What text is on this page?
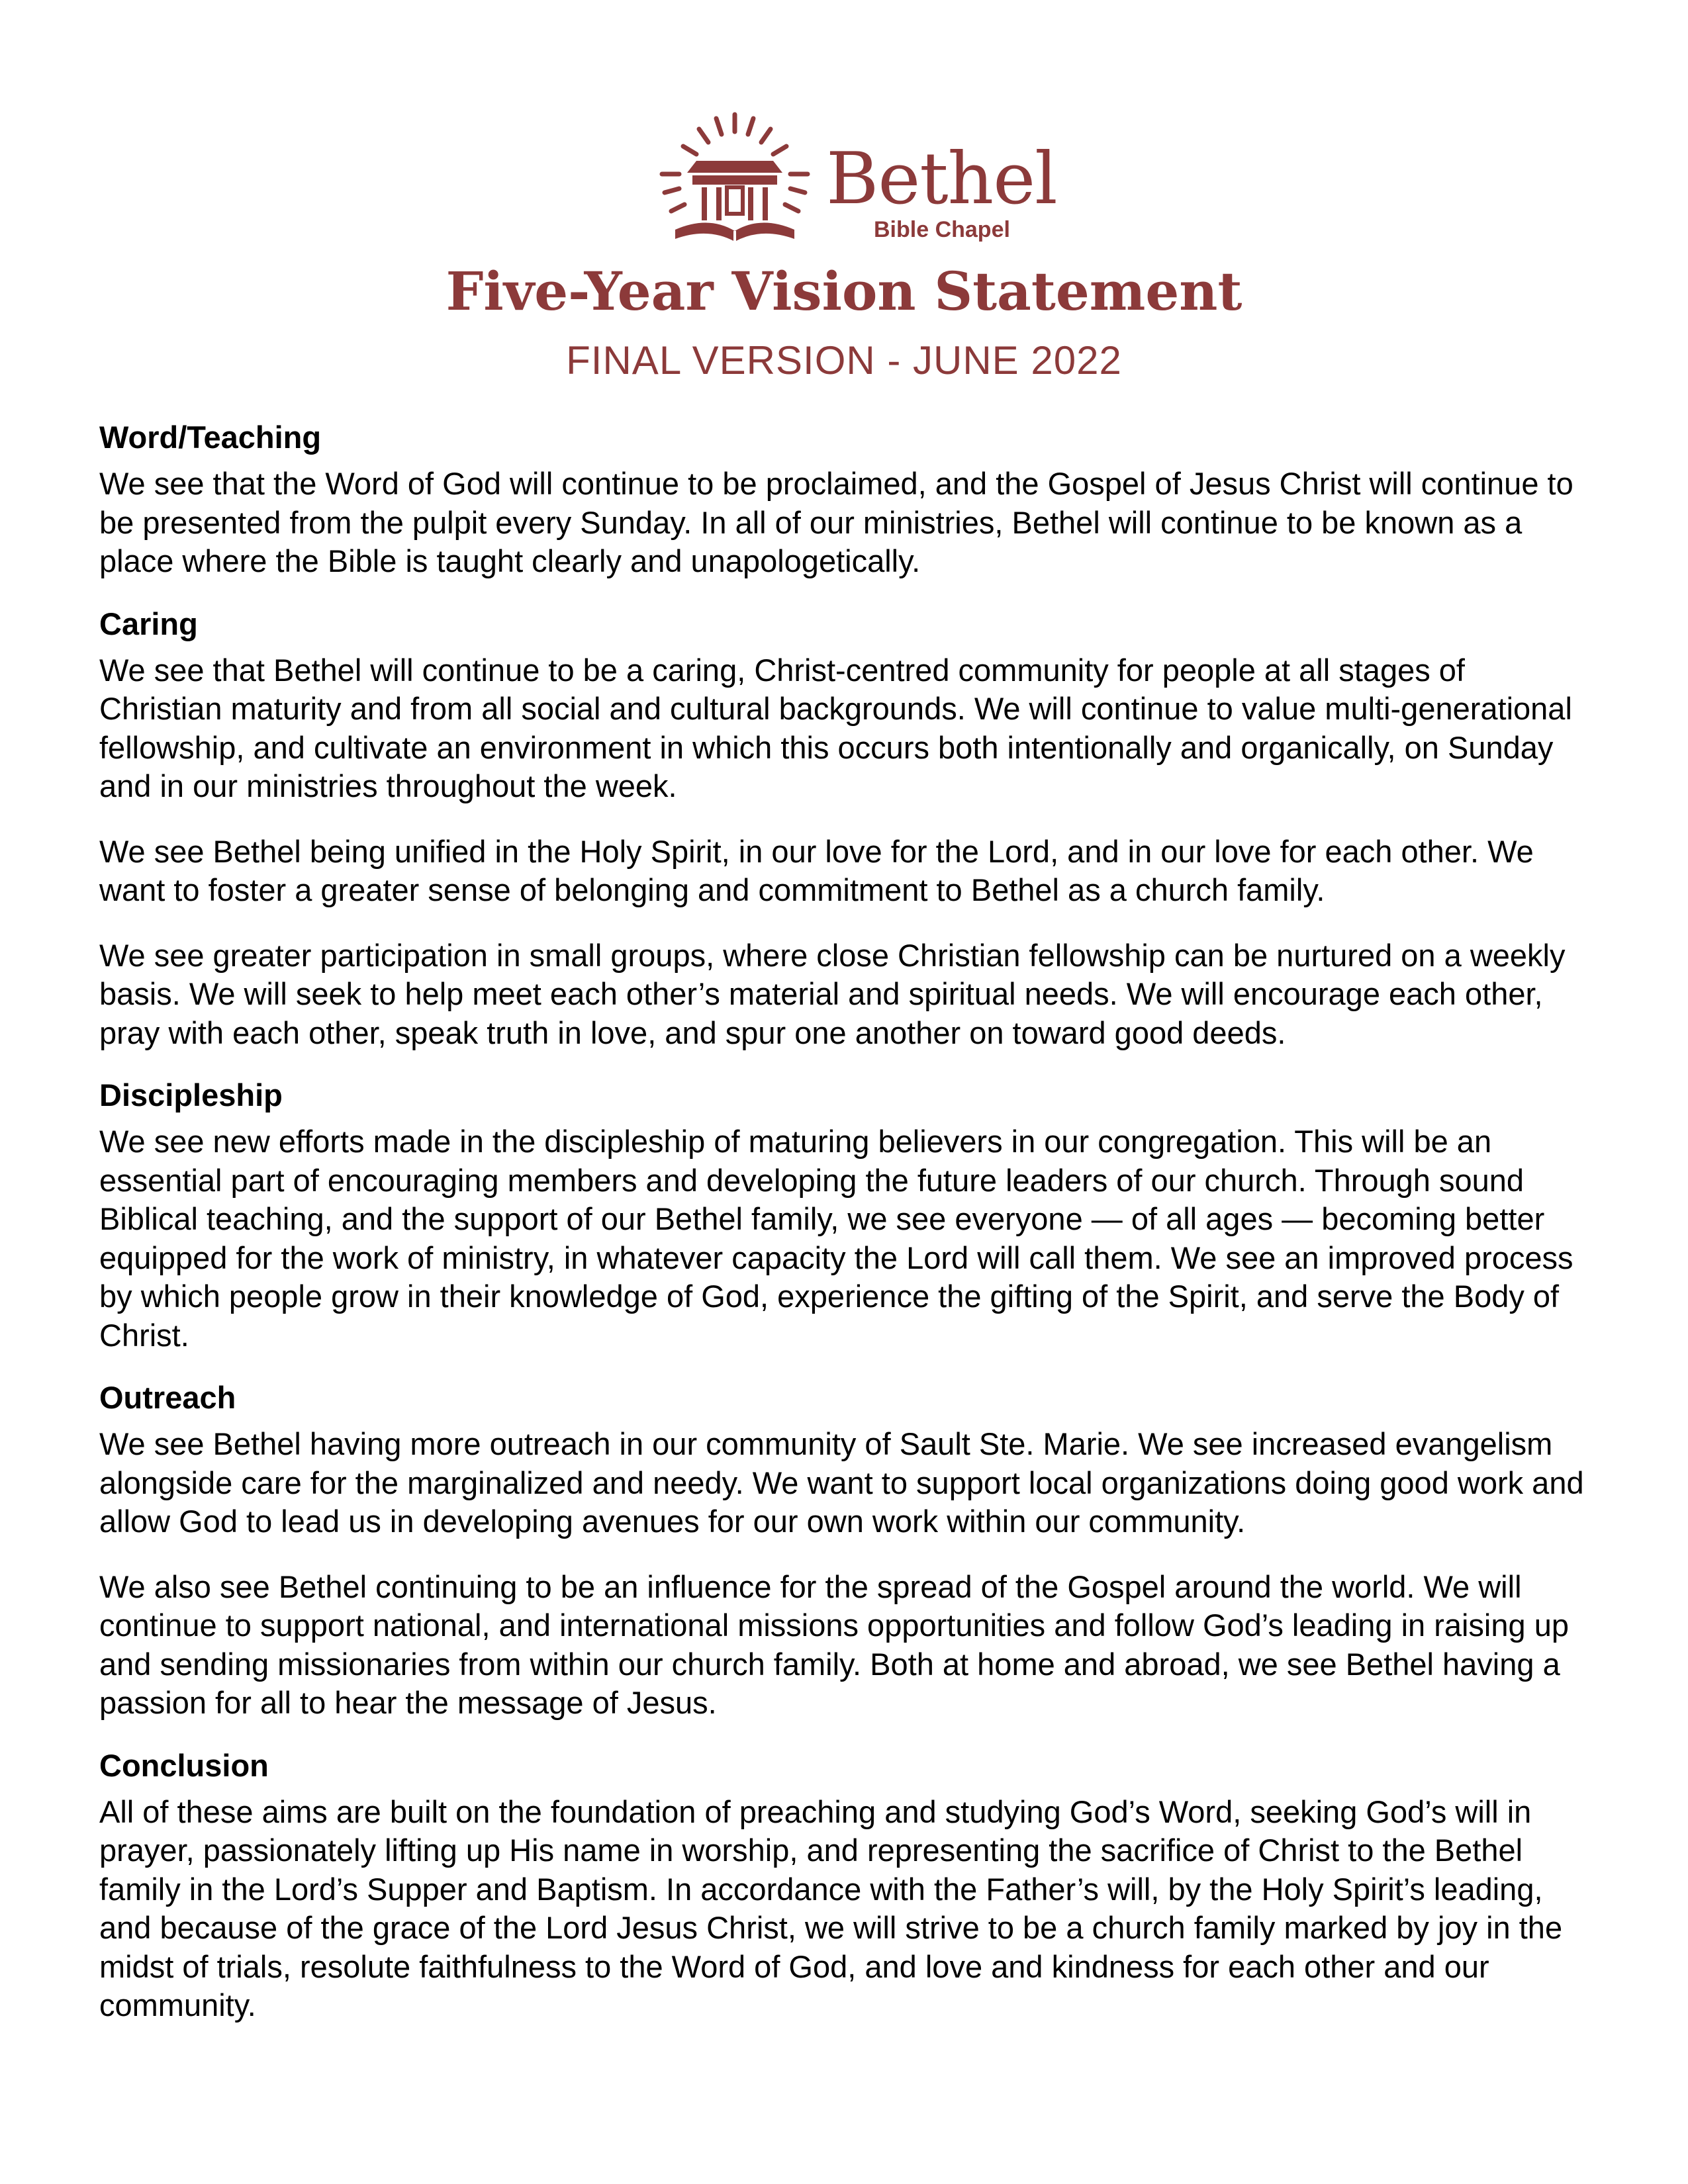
Bethel
Bible Chapel
Five-Year Vision Statement
FINAL VERSION - JUNE 2022
Word/Teaching

We see that the Word of God will continue to be proclaimed, and the Gospel of Jesus Christ will continue to be presented from the pulpit every Sunday. In all of our ministries, Bethel will continue to be known as a place where the Bible is taught clearly and unapologetically.

Caring

We see that Bethel will continue to be a caring, Christ-centred community for people at all stages of Christian maturity and from all social and cultural backgrounds. We will continue to value multi-generational fellowship, and cultivate an environment in which this occurs both intentionally and organically, on Sunday and in our ministries throughout the week.

We see Bethel being unified in the Holy Spirit, in our love for the Lord, and in our love for each other. We want to foster a greater sense of belonging and commitment to Bethel as a church family.

We see greater participation in small groups, where close Christian fellowship can be nurtured on a weekly basis. We will seek to help meet each other’s material and spiritual needs. We will encourage each other, pray with each other, speak truth in love, and spur one another on toward good deeds.

Discipleship

We see new efforts made in the discipleship of maturing believers in our congregation. This will be an essential part of encouraging members and developing the future leaders of our church. Through sound Biblical teaching, and the support of our Bethel family, we see everyone — of all ages — becoming better equipped for the work of ministry, in whatever capacity the Lord will call them. We see an improved process by which people grow in their knowledge of God, experience the gifting of the Spirit, and serve the Body of Christ.

Outreach

We see Bethel having more outreach in our community of Sault Ste. Marie. We see increased evangelism alongside care for the marginalized and needy. We want to support local organizations doing good work and allow God to lead us in developing avenues for our own work within our community.

We also see Bethel continuing to be an influence for the spread of the Gospel around the world. We will continue to support national, and international missions opportunities and follow God’s leading in raising up and sending missionaries from within our church family. Both at home and abroad, we see Bethel having a passion for all to hear the message of Jesus.

Conclusion

All of these aims are built on the foundation of preaching and studying God’s Word, seeking God’s will in prayer, passionately lifting up His name in worship, and representing the sacrifice of Christ to the Bethel family in the Lord’s Supper and Baptism. In accordance with the Father’s will, by the Holy Spirit’s leading, and because of the grace of the Lord Jesus Christ, we will strive to be a church family marked by joy in the midst of trials, resolute faithfulness to the Word of God, and love and kindness for each other and our community.
